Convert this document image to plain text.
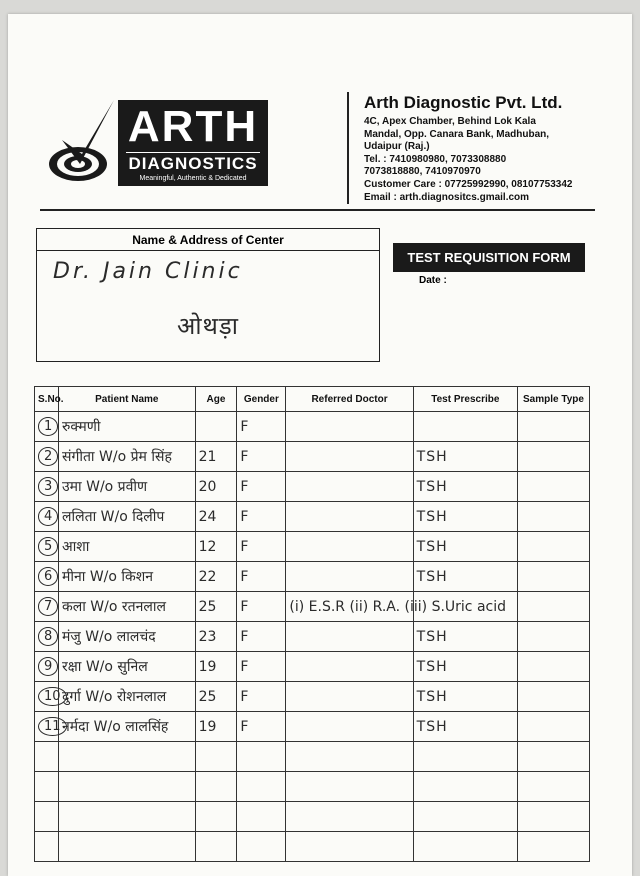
ARTH
DIAGNOSTICS
Meaningful, Authentic & Dedicated
Arth Diagnostic Pvt. Ltd.
4C, Apex Chamber, Behind Lok Kala
Mandal, Opp. Canara Bank, Madhuban,
Udaipur (Raj.)
Tel. : 7410980980, 7073308880
7073818880, 7410970970
Customer Care : 07725992990, 08107753342
Email : arth.diagnositcs.gmail.com
Name & Address of Center
Dr. Jain Clinic
ओथड़ा
TEST REQUISITION FORM
Date :
S.No.	Patient Name	Age	Gender	Referred Doctor	Test Prescribe	Sample Type
1	रुक्मणी		F			
2	संगीता W/o प्रेम सिंह	21	F		TSH	
3	उमा W/o प्रवीण	20	F		TSH	
4	ललिता W/o दिलीप	24	F		TSH	
5	आशा	12	F		TSH	
6	मीना W/o किशन	22	F		TSH	
7	कला W/o रतनलाल	25	F	(i) E.S.R (ii) R.A. (iii) S.Uric acid		
8	मंजु W/o लालचंद	23	F		TSH	
9	रक्षा W/o सुनिल	19	F		TSH	
10	दुर्गा W/o रोशनलाल	25	F		TSH	
11	नर्मदा W/o लालसिंह	19	F		TSH	
